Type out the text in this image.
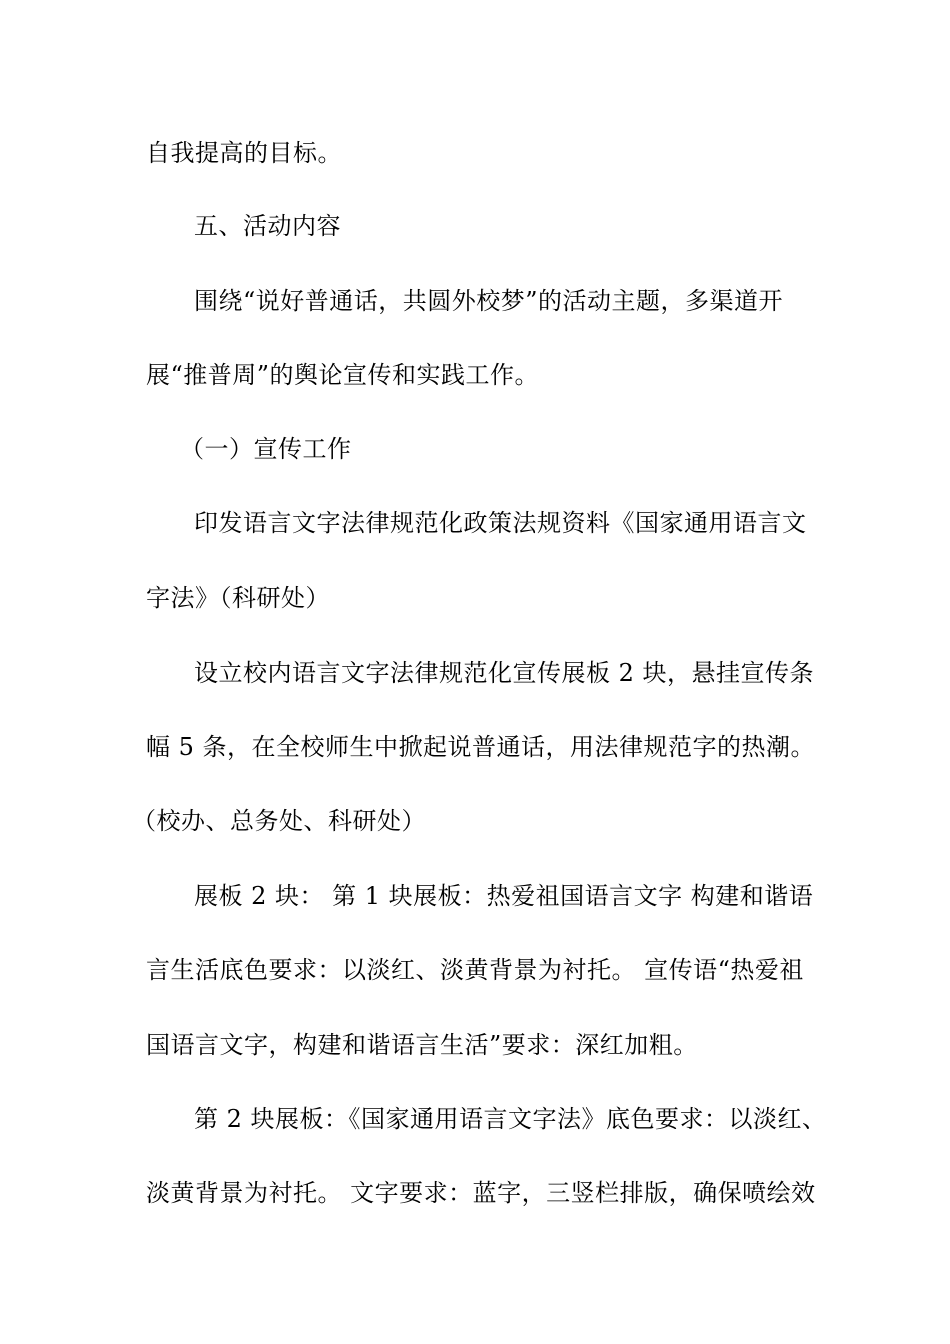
自我提高的目标。
五、活动内容
围绕“说好普通话，共圆外校梦”的活动主题，多渠道开
展“推普周”的舆论宣传和实践工作。
（一）宣传工作
印发语言文字法律规范化政策法规资料《国家通用语言文
字法》（科研处）
设立校内语言文字法律规范化宣传展板 2 块，悬挂宣传条
幅 5 条，在全校师生中掀起说普通话，用法律规范字的热潮。
（校办、总务处、科研处）
展板 2 块： 第 1 块展板：热爱祖国语言文字 构建和谐语
言生活底色要求：以淡红、淡黄背景为衬托。 宣传语“热爱祖
国语言文字，构建和谐语言生活”要求：深红加粗。
第 2 块展板：《国家通用语言文字法》底色要求：以淡红、
淡黄背景为衬托。 文字要求：蓝字，三竖栏排版，确保喷绘效
